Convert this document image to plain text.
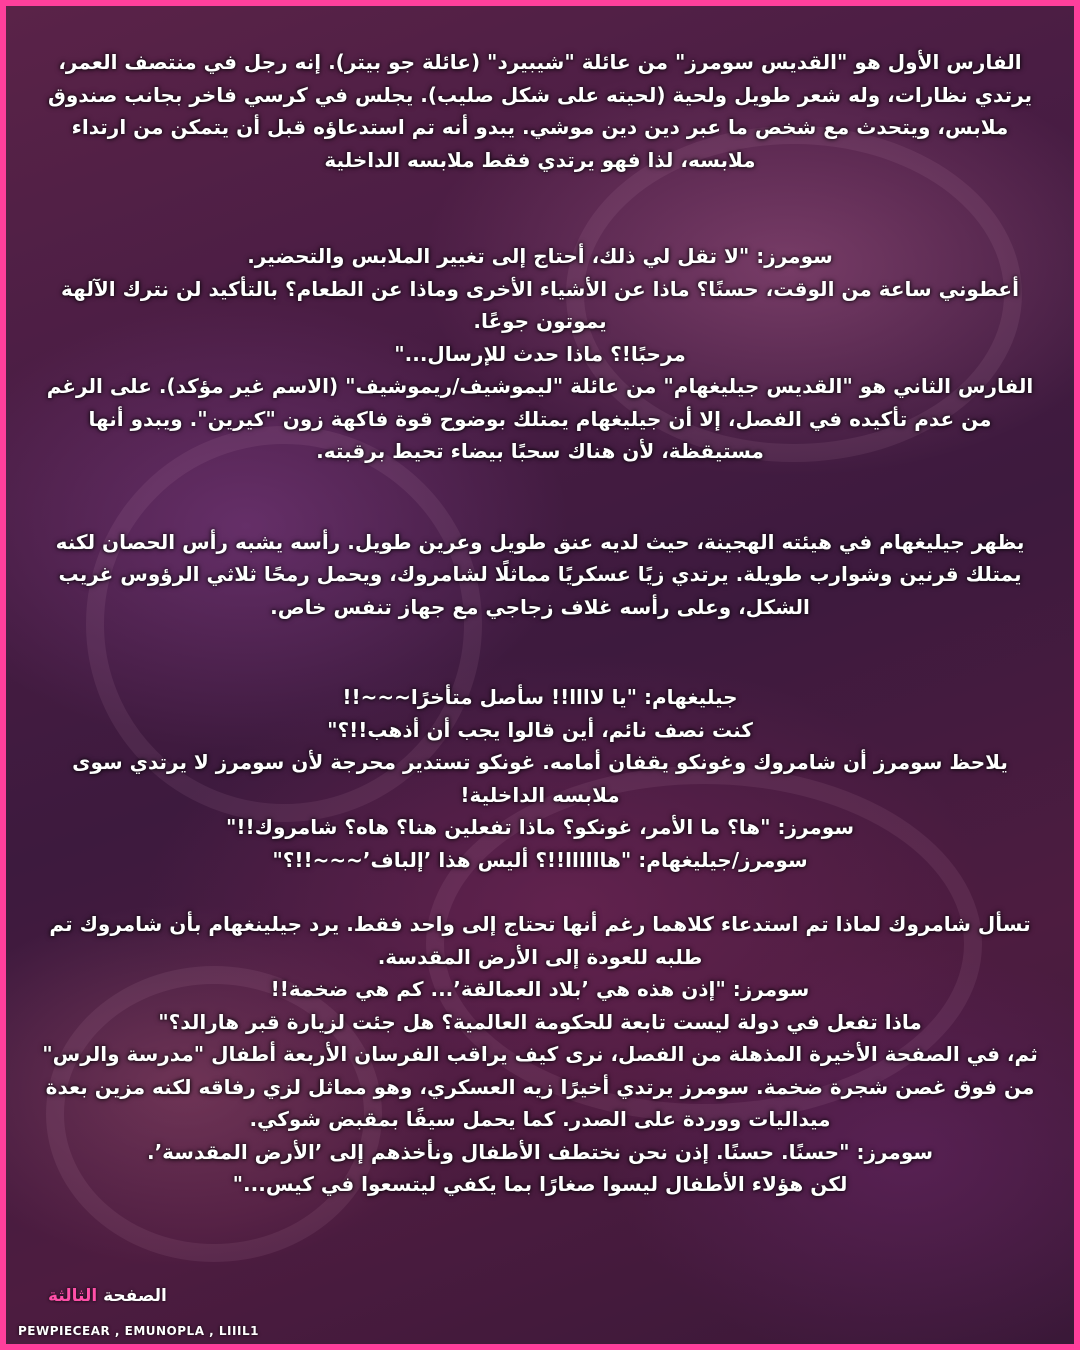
الفارس الأول هو "القديس سومرز" من عائلة "شيبيرد" (عائلة جو بيتر). إنه رجل في منتصف العمر، يرتدي نظارات، وله شعر طويل ولحية (لحيته على شكل صليب). يجلس في كرسي فاخر بجانب صندوق ملابس، ويتحدث مع شخص ما عبر دين دين موشي. يبدو أنه تم استدعاؤه قبل أن يتمكن من ارتداء ملابسه، لذا فهو يرتدي فقط ملابسه الداخلية

سومرز: "لا تقل لي ذلك، أحتاج إلى تغيير الملابس والتحضير.

أعطوني ساعة من الوقت، حسنًا؟ ماذا عن الأشياء الأخرى وماذا عن الطعام؟ بالتأكيد لن نترك الآلهة يموتون جوعًا.

مرحبًا!؟ ماذا حدث للإرسال..."

الفارس الثاني هو "القديس جيليغهام" من عائلة "ليموشيف/ريموشيف" (الاسم غير مؤكد). على الرغم من عدم تأكيده في الفصل، إلا أن جيليغهام يمتلك بوضوح قوة فاكهة زون "كيرين". ويبدو أنها مستيقظة، لأن هناك سحبًا بيضاء تحيط برقبته.

يظهر جيليغهام في هيئته الهجينة، حيث لديه عنق طويل وعرين طويل. رأسه يشبه رأس الحصان لكنه يمتلك قرنين وشوارب طويلة. يرتدي زيًا عسكريًا مماثلًا لشامروك، ويحمل رمحًا ثلاثي الرؤوس غريب الشكل، وعلى رأسه غلاف زجاجي مع جهاز تنفس خاص.

جيليغهام: "يا لاااا!! سأصل متأخرًا~~~!!

كنت نصف نائم، أين قالوا يجب أن أذهب!!؟"

يلاحظ سومرز أن شامروك وغونكو يقفان أمامه. غونكو تستدير محرجة لأن سومرز لا يرتدي سوى ملابسه الداخلية!

سومرز: "ها؟ ما الأمر، غونكو؟ ماذا تفعلين هنا؟ هاه؟ شامروك!!"

سومرز/جيليغهام: "هاااااا!!؟ أليس هذا ’إلباف’~~~!!؟"

تسأل شامروك لماذا تم استدعاء كلاهما رغم أنها تحتاج إلى واحد فقط. يرد جيلينغهام بأن شامروك تم طلبه للعودة إلى الأرض المقدسة.

سومرز: "إذن هذه هي ’بلاد العمالقة’... كم هي ضخمة!!

ماذا تفعل في دولة ليست تابعة للحكومة العالمية؟ هل جئت لزيارة قبر هارالد؟"

ثم، في الصفحة الأخيرة المذهلة من الفصل، نرى كيف يراقب الفرسان الأربعة أطفال "مدرسة والرس" من فوق غصن شجرة ضخمة. سومرز يرتدي أخيرًا زيه العسكري، وهو مماثل لزي رفاقه لكنه مزين بعدة ميداليات ووردة على الصدر. كما يحمل سيفًا بمقبض شوكي.

سومرز: "حسنًا. حسنًا. إذن نحن نختطف الأطفال ونأخذهم إلى ’الأرض المقدسة’.

لكن هؤلاء الأطفال ليسوا صغارًا بما يكفي ليتسعوا في كيس..."

الصفحة الثالثة
PEWPIECEAR , EMUNOPLA , LIIIL1
